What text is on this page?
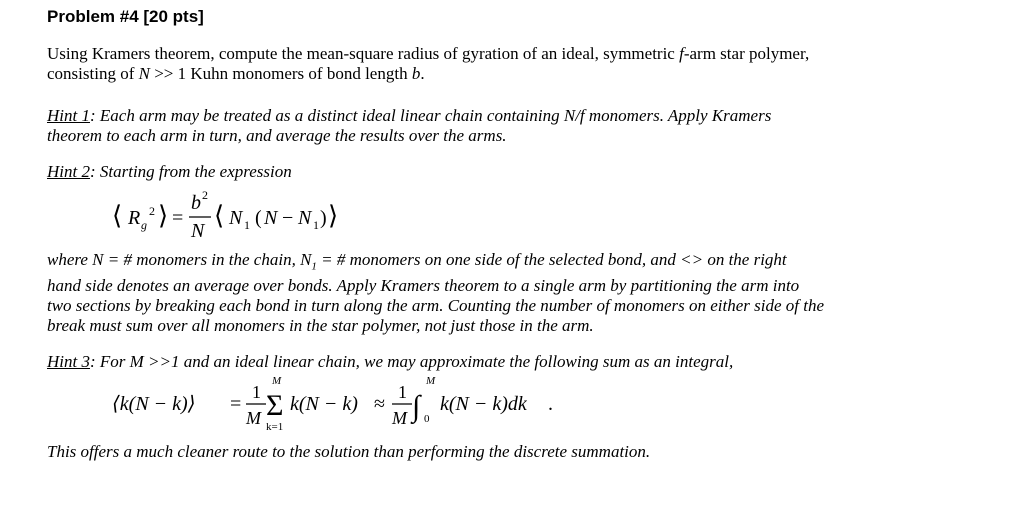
Problem #4 [20 pts]

Using Kramers theorem, compute the mean-square radius of gyration of an ideal, symmetric f-arm star polymer,

consisting of N >> 1 Kuhn monomers of bond length b.

Hint 1: Each arm may be treated as a distinct ideal linear chain containing N/f monomers. Apply Kramers

theorem to each arm in turn, and average the results over the arms.

Hint 2: Starting from the expression

⟨ R g
2 ⟩ =
b 2
N
⟨ N 1 ( N − N 1 ) ⟩

where N = # monomers in the chain, $N_1$ = # monomers on one side of the selected bond, and <> on the right

hand side denotes an average over bonds. Apply Kramers theorem to a single arm by partitioning the arm into

two sections by breaking each bond in turn along the arm. Counting the number of monomers on either side of the

break must sum over all monomers in the star polymer, not just those in the arm.

Hint 3: For M >>1 and an ideal linear chain, we may approximate the following sum as an integral,

⟨k(N − k)⟩ =
1
M
M
Σ
k=1
k(N − k) ≈
1
M
M
∫ 0
k(N − k)dk .

This offers a much cleaner route to the solution than performing the discrete summation.
